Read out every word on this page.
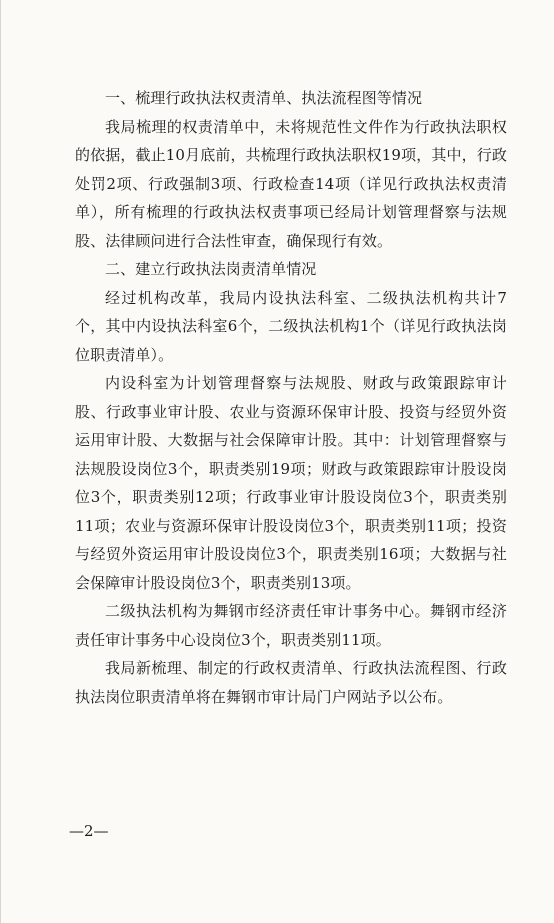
一、梳理行政执法权责清单、执法流程图等情况

我局梳理的权责清单中，未将规范性文件作为行政执法职权的依据，截止10月底前，共梳理行政执法职权19项，其中，行政处罚2项、行政强制3项、行政检查14项（详见行政执法权责清单），所有梳理的行政执法权责事项已经局计划管理督察与法规股、法律顾问进行合法性审查，确保现行有效。

二、建立行政执法岗责清单情况

经过机构改革，我局内设执法科室、二级执法机构共计7个，其中内设执法科室6个，二级执法机构1个（详见行政执法岗位职责清单）。

内设科室为计划管理督察与法规股、财政与政策跟踪审计股、行政事业审计股、农业与资源环保审计股、投资与经贸外资运用审计股、大数据与社会保障审计股。其中：计划管理督察与法规股设岗位3个，职责类别19项；财政与政策跟踪审计股设岗位3个，职责类别12项；行政事业审计股设岗位3个，职责类别11项；农业与资源环保审计股设岗位3个，职责类别11项；投资与经贸外资运用审计股设岗位3个，职责类别16项；大数据与社会保障审计股设岗位3个，职责类别13项。

二级执法机构为舞钢市经济责任审计事务中心。舞钢市经济责任审计事务中心设岗位3个，职责类别11项。

我局新梳理、制定的行政权责清单、行政执法流程图、行政执法岗位职责清单将在舞钢市审计局门户网站予以公布。

—2—
